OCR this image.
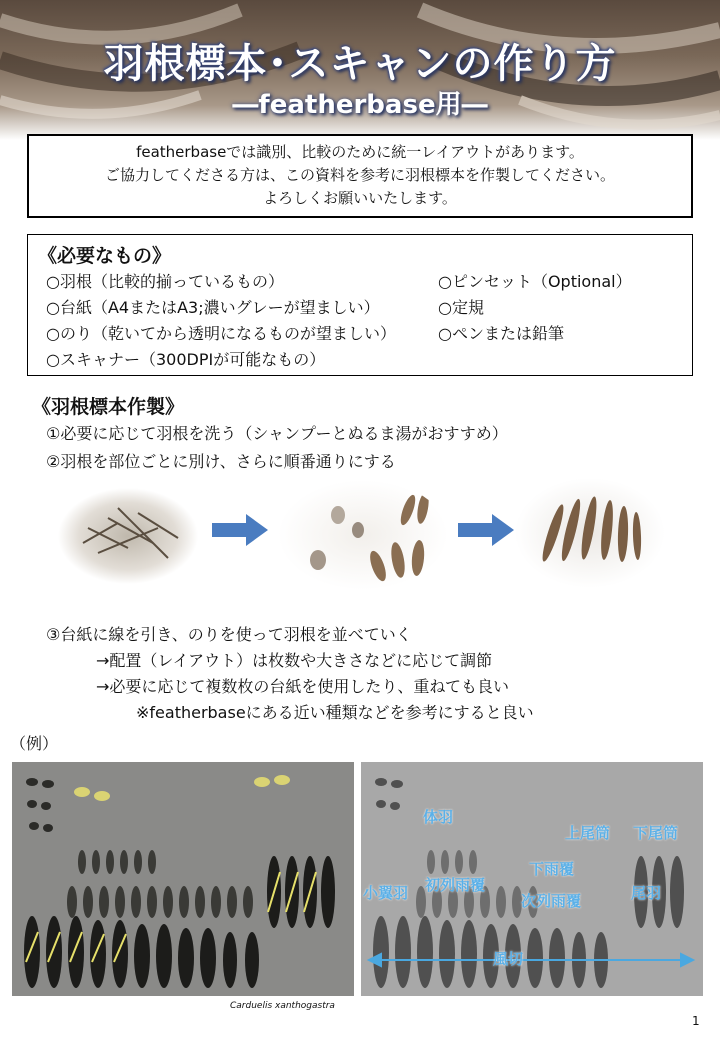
羽根標本･スキャンの作り方
―featherbase用―
featherbaseでは識別、比較のために統一レイアウトがあります。
ご協力してくださる方は、この資料を参考に羽根標本を作製してください。
よろしくお願いいたします。
《必要なもの》
○羽根（比較的揃っているもの）
○台紙（A4またはA3;濃いグレーが望ましい）
○のり（乾いてから透明になるものが望ましい）
○スキャナー（300DPIが可能なもの）
○ピンセット（Optional）
○定規
○ペンまたは鉛筆
《羽根標本作製》
①必要に応じて羽根を洗う（シャンプーとぬるま湯がおすすめ）
②羽根を部位ごとに別け、さらに順番通りにする
③台紙に線を引き、のりを使って羽根を並べていく
→配置（レイアウト）は枚数や大きさなどに応じて調節
→必要に応じて複数枚の台紙を使用したり、重ねても良い
※featherbaseにある近い種類などを参考にすると良い
（例）
体羽
上尾筒 下尾筒
下雨覆
小翼羽 初列雨覆
次列雨覆	尾羽
風切
Carduelis xanthogastra
1
